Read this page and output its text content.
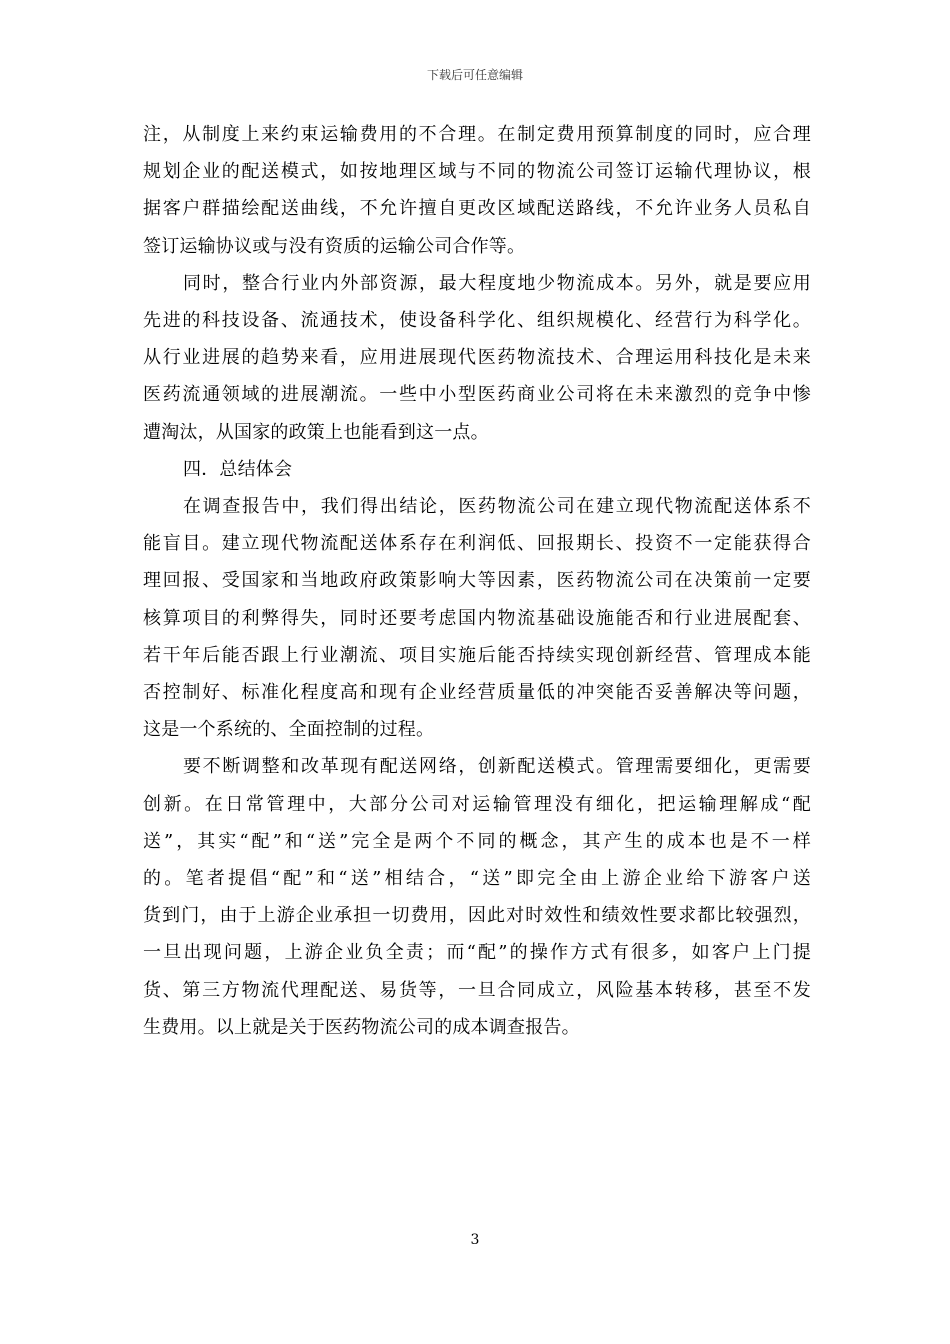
下载后可任意编辑

注，从制度上来约束运输费用的不合理。在制定费用预算制度的同时，应合理
规划企业的配送模式，如按地理区域与不同的物流公司签订运输代理协议，根
据客户群描绘配送曲线，不允许擅自更改区域配送路线，不允许业务人员私自
签订运输协议或与没有资质的运输公司合作等。

同时，整合行业内外部资源，最大程度地少物流成本。另外，就是要应用
先进的科技设备、流通技术，使设备科学化、组织规模化、经营行为科学化。
从行业进展的趋势来看，应用进展现代医药物流技术、合理运用科技化是未来
医药流通领域的进展潮流。一些中小型医药商业公司将在未来激烈的竞争中惨
遭淘汰，从国家的政策上也能看到这一点。

四．总结体会

在调查报告中，我们得出结论，医药物流公司在建立现代物流配送体系不
能盲目。建立现代物流配送体系存在利润低、回报期长、投资不一定能获得合
理回报、受国家和当地政府政策影响大等因素，医药物流公司在决策前一定要
核算项目的利弊得失，同时还要考虑国内物流基础设施能否和行业进展配套、
若干年后能否跟上行业潮流、项目实施后能否持续实现创新经营、管理成本能
否控制好、标准化程度高和现有企业经营质量低的冲突能否妥善解决等问题，
这是一个系统的、全面控制的过程。

要不断调整和改革现有配送网络，创新配送模式。管理需要细化，更需要
创新。在日常管理中，大部分公司对运输管理没有细化，把运输理解成“配
送”，其实“配”和“送”完全是两个不同的概念，其产生的成本也是不一样
的。笔者提倡“配”和“送”相结合，“送”即完全由上游企业给下游客户送
货到门，由于上游企业承担一切费用，因此对时效性和绩效性要求都比较强烈，
一旦出现问题，上游企业负全责；而“配”的操作方式有很多，如客户上门提
货、第三方物流代理配送、易货等，一旦合同成立，风险基本转移，甚至不发
生费用。以上就是关于医药物流公司的成本调查报告。

3
